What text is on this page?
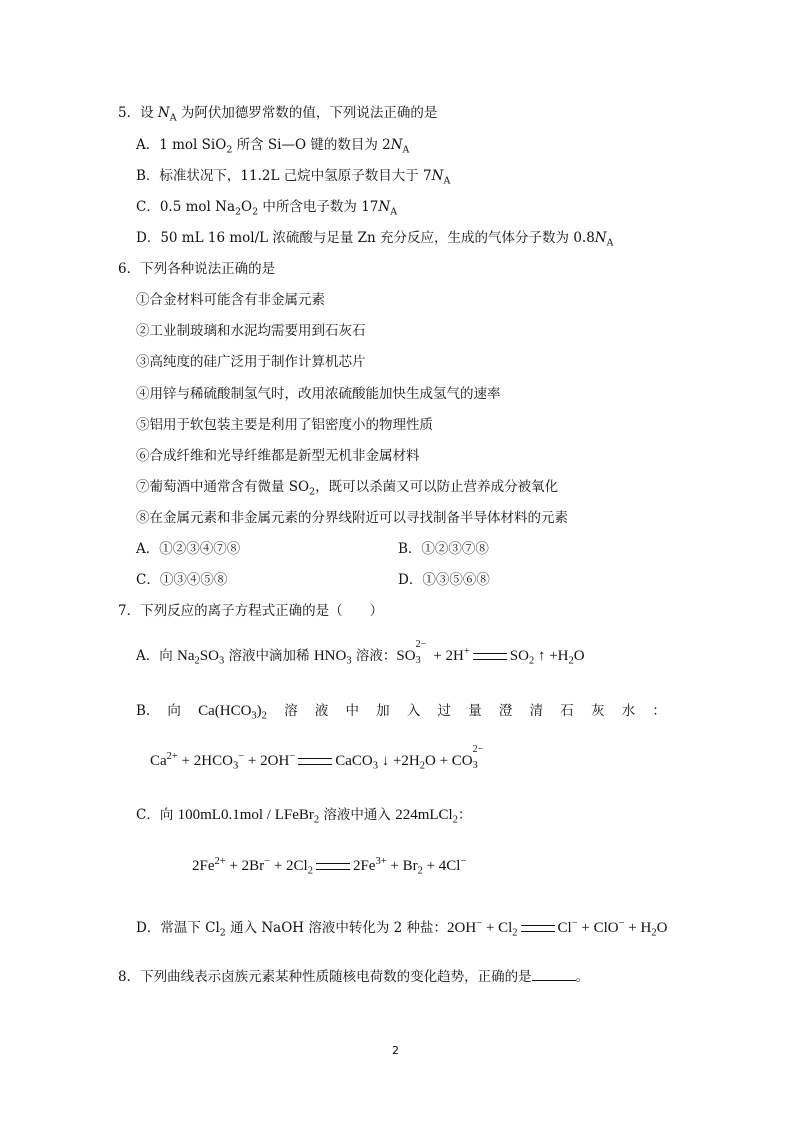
5．设 $N_A$ 为阿伏加德罗常数的值，下列说法正确的是
A．1 mol SiO$_2$ 所含 Si—O 键的数目为 $2N_A$
B．标准状况下，11.2L 己烷中氢原子数目大于 $7N_A$
C．0.5 mol $Na_2O_2$ 中所含电子数为 $17N_A$
D．50 mL 16 mol/L 浓硫酸与足量 Zn 充分反应，生成的气体分子数为 $0.8N_A$
6．下列各种说法正确的是
①合金材料可能含有非金属元素
②工业制玻璃和水泥均需要用到石灰石
③高纯度的硅广泛用于制作计算机芯片
④用锌与稀硫酸制氢气时，改用浓硫酸能加快生成氢气的速率
⑤铝用于软包装主要是利用了铝密度小的物理性质
⑥合成纤维和光导纤维都是新型无机非金属材料
⑦葡萄酒中通常含有微量 $SO_2$，既可以杀菌又可以防止营养成分被氧化
⑧在金属元素和非金属元素的分界线附近可以寻找制备半导体材料的元素
A．①②③④⑦⑧	B．①②③⑦⑧
C．①③④⑤⑧	D．①③⑤⑥⑧
7．下列反应的离子方程式正确的是（　　）
A．向 $Na_2SO_3$ 溶液中滴加稀 $HNO_3$ 溶液：SO
2−
3 + 2H+	$SO_2$ ↑ $+H_2O$
B. 向 $Ca(HCO_3)_2$ 溶 液 中 加 入 过 量 澄 清 石 灰 水 ：
$Ca^{2+} + 2HCO_3^- + 2OH^-$	CaCO$_3$ ↓ $+2H_2O$ + CO
2−
3
C．向 100mL0.1mol / LFeBr$_2$ 溶液中通入 224mLCl$_2$：
$2Fe^{2+} + 2Br^- + 2Cl_2$	$2Fe^{3+} + Br_2 + 4Cl^-$
D．常温下 $Cl_2$ 通入 NaOH 溶液中转化为 2 种盐：$2OH^- + Cl_2$	$Cl^- + ClO^- + H_2O$
8．下列曲线表示卤族元素某种性质随核电荷数的变化趋势，正确的是	。
2
